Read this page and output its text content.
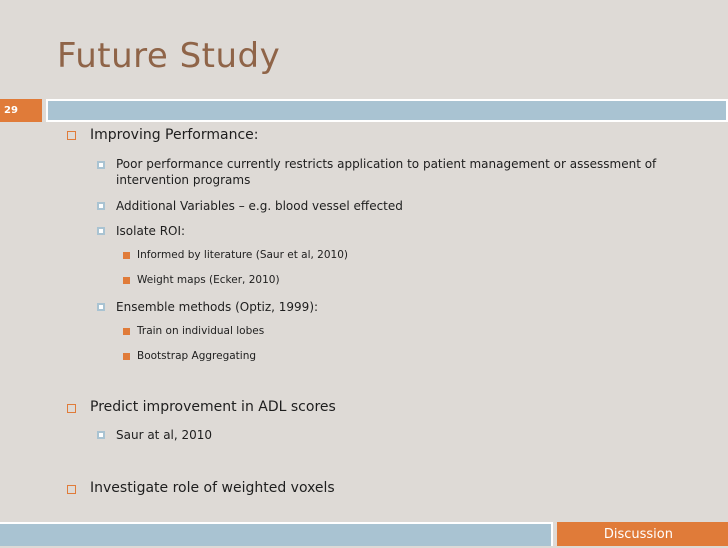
Future Study
29
Improving Performance:
Poor performance currently restricts application to patient management or assessment of intervention programs
Additional Variables – e.g. blood vessel effected
Isolate ROI:
Informed by literature (Saur et al, 2010)
Weight maps (Ecker, 2010)
Ensemble methods (Optiz, 1999):
Train on individual lobes
Bootstrap Aggregating
Predict improvement in ADL scores
Saur at al, 2010
Investigate role of weighted voxels
Discussion
